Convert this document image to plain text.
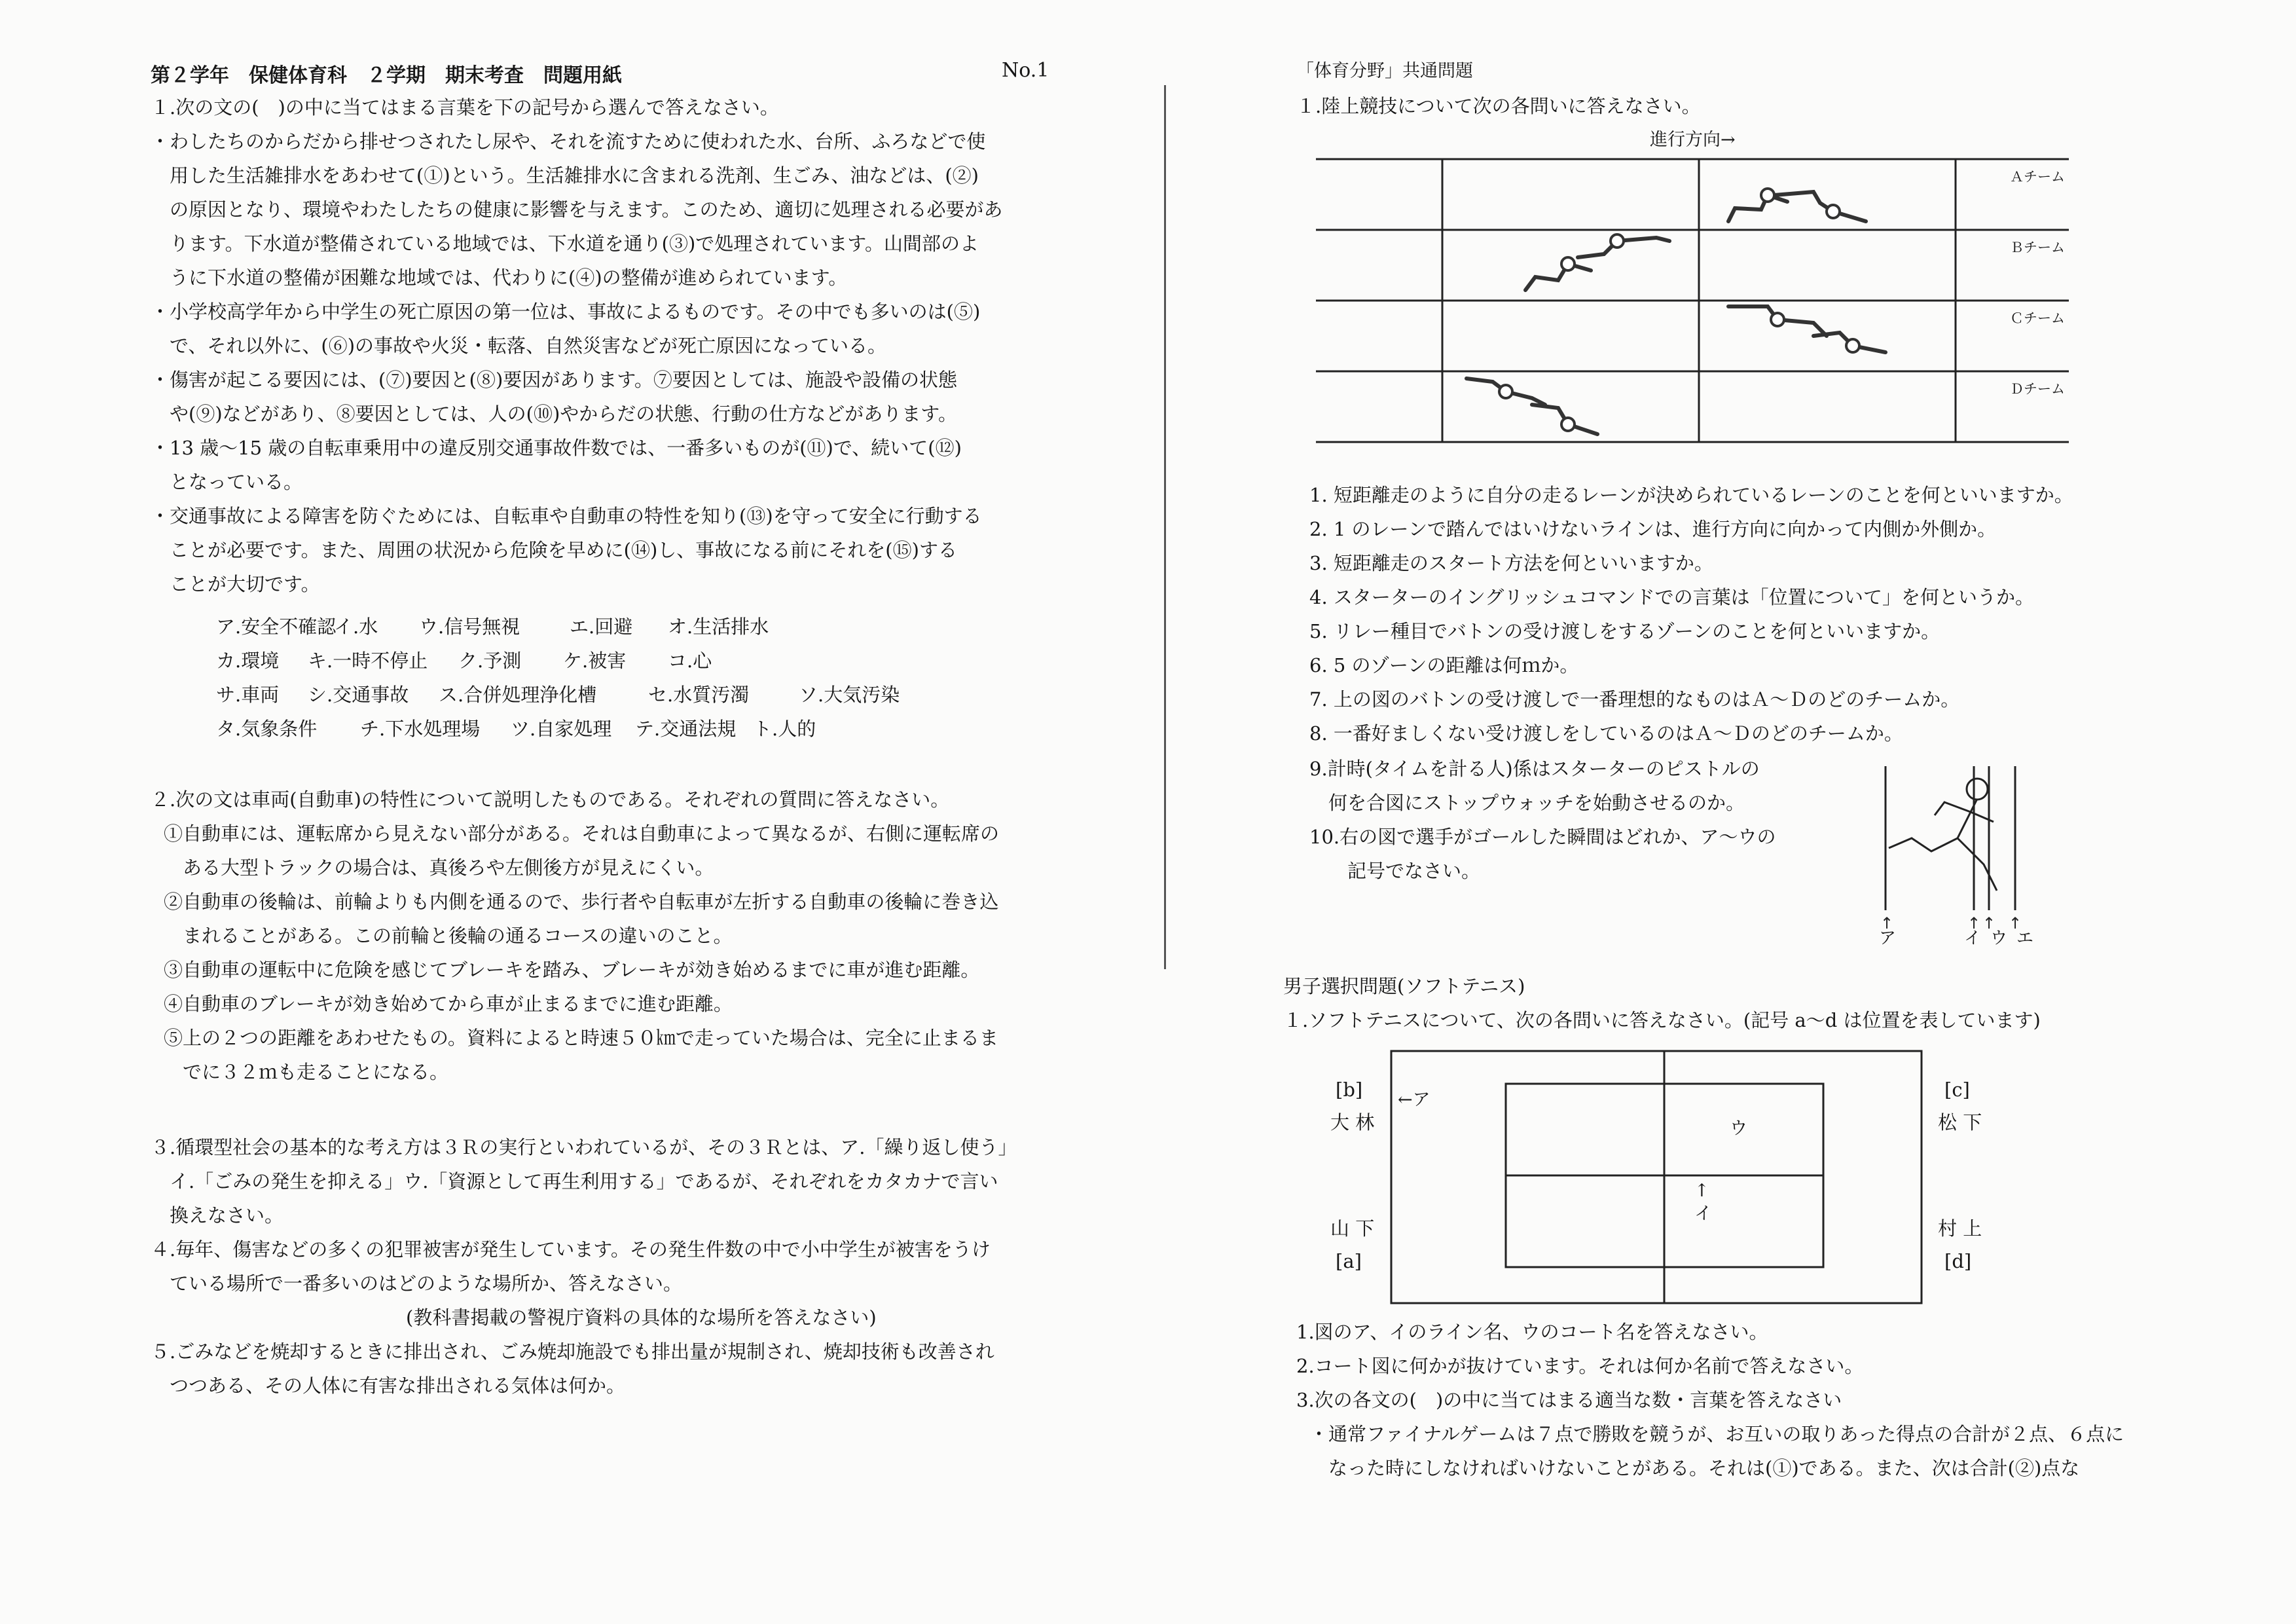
第２学年　保健体育科　２学期　期末考査　問題用紙	No.1
１.次の文の(　)の中に当てはまる言葉を下の記号から選んで答えなさい。
・わしたちのからだから排せつされたし尿や、それを流すために使われた水、台所、ふろなどで使
　用した生活雑排水をあわせて(①)という。生活雑排水に含まれる洗剤、生ごみ、油などは、(②)
　の原因となり、環境やわたしたちの健康に影響を与えます。このため、適切に処理される必要があ
　ります。下水道が整備されている地域では、下水道を通り(③)で処理されています。山間部のよ
　うに下水道の整備が困難な地域では、代わりに(④)の整備が進められています。
・小学校高学年から中学生の死亡原因の第一位は、事故によるものです。その中でも多いのは(⑤)
　で、それ以外に、(⑥)の事故や火災・転落、自然災害などが死亡原因になっている。
・傷害が起こる要因には、(⑦)要因と(⑧)要因があります。⑦要因としては、施設や設備の状態
　や(⑨)などがあり、⑧要因としては、人の(⑩)やからだの状態、行動の仕方などがあります。
・13 歳～15 歳の自転車乗用中の違反別交通事故件数では、一番多いものが(⑪)で、続いて(⑫)
　となっている。
・交通事故による障害を防ぐためには、自転車や自動車の特性を知り(⑬)を守って安全に行動する
　ことが必要です。また、周囲の状況から危険を早めに(⑭)し、事故になる前にそれを(⑮)する
　ことが大切です。
ア.安全不確認
イ.水 ウ.信号無視	エ.回避 オ.生活排水
カ.環境 キ.一時不停止 ク.予測 ケ.被害 コ.心
サ.車両 シ.交通事故 ス.合併処理浄化槽	セ.水質汚濁	ソ.大気汚染
タ.気象条件 チ.下水処理場 ツ.自家処理 テ.交通法規 ト.人的
２.次の文は車両(自動車)の特性について説明したものである。それぞれの質問に答えなさい。
①自動車には、運転席から見えない部分がある。それは自動車によって異なるが、右側に運転席の
　ある大型トラックの場合は、真後ろや左側後方が見えにくい。
②自動車の後輪は、前輪よりも内側を通るので、歩行者や自転車が左折する自動車の後輪に巻き込
　まれることがある。この前輪と後輪の通るコースの違いのこと。
③自動車の運転中に危険を感じてブレーキを踏み、ブレーキが効き始めるまでに車が進む距離。
④自動車のブレーキが効き始めてから車が止まるまでに進む距離。
⑤上の２つの距離をあわせたもの。資料によると時速５０㎞で走っていた場合は、完全に止まるま
　でに３２ｍも走ることになる。
３.循環型社会の基本的な考え方は３Ｒの実行といわれているが、その３Ｒとは、ア.「繰り返し使う」
　イ.「ごみの発生を抑える」ウ.「資源として再生利用する」であるが、それぞれをカタカナで言い
　換えなさい。
４.毎年、傷害などの多くの犯罪被害が発生しています。その発生件数の中で小中学生が被害をうけ
　ている場所で一番多いのはどのような場所か、答えなさい。
(教科書掲載の警視庁資料の具体的な場所を答えなさい)
５.ごみなどを焼却するときに排出され、ごみ焼却施設でも排出量が規制され、焼却技術も改善され
　つつある、その人体に有害な排出される気体は何か。
「体育分野」共通問題
１.陸上競技について次の各問いに答えなさい。
進行方向→
Ａチーム
Ｂチーム
Ｃチーム
Ｄチーム
1. 短距離走のように自分の走るレーンが決められているレーンのことを何といいますか。
2. 1 のレーンで踏んではいけないラインは、進行方向に向かって内側か外側か。
3. 短距離走のスタート方法を何といいますか。
4. スターターのイングリッシュコマンドでの言葉は「位置について」を何というか。
5. リレー種目でバトンの受け渡しをするゾーンのことを何といいますか。
6. 5 のゾーンの距離は何ｍか。
7. 上の図のバトンの受け渡しで一番理想的なものはＡ～Ｄのどのチームか。
8. 一番好ましくない受け渡しをしているのはＡ～Ｄのどのチームか。
9.計時(タイムを計る人)係はスターターのピストルの
　何を合図にストップウォッチを始動させるのか。
10.右の図で選手がゴールした瞬間はどれか、ア～ウの
　　記号でなさい。
↑	↑ ↑ ↑
ア	イ ウ エ
男子選択問題(ソフトテニス)
１.ソフトテニスについて、次の各問いに答えなさい。(記号 a～d は位置を表しています)
[b]
大 林
←ア	[c]
松 下
ウ
↑
イ
山 下
[a]
村 上
[d]
1.図のア、イのライン名、ウのコート名を答えなさい。
2.コート図に何かが抜けています。それは何か名前で答えなさい。
3.次の各文の(　)の中に当てはまる適当な数・言葉を答えなさい
・通常ファイナルゲームは７点で勝敗を競うが、お互いの取りあった得点の合計が２点、６点に
　なった時にしなければいけないことがある。それは(①)である。また、次は合計(②)点な
